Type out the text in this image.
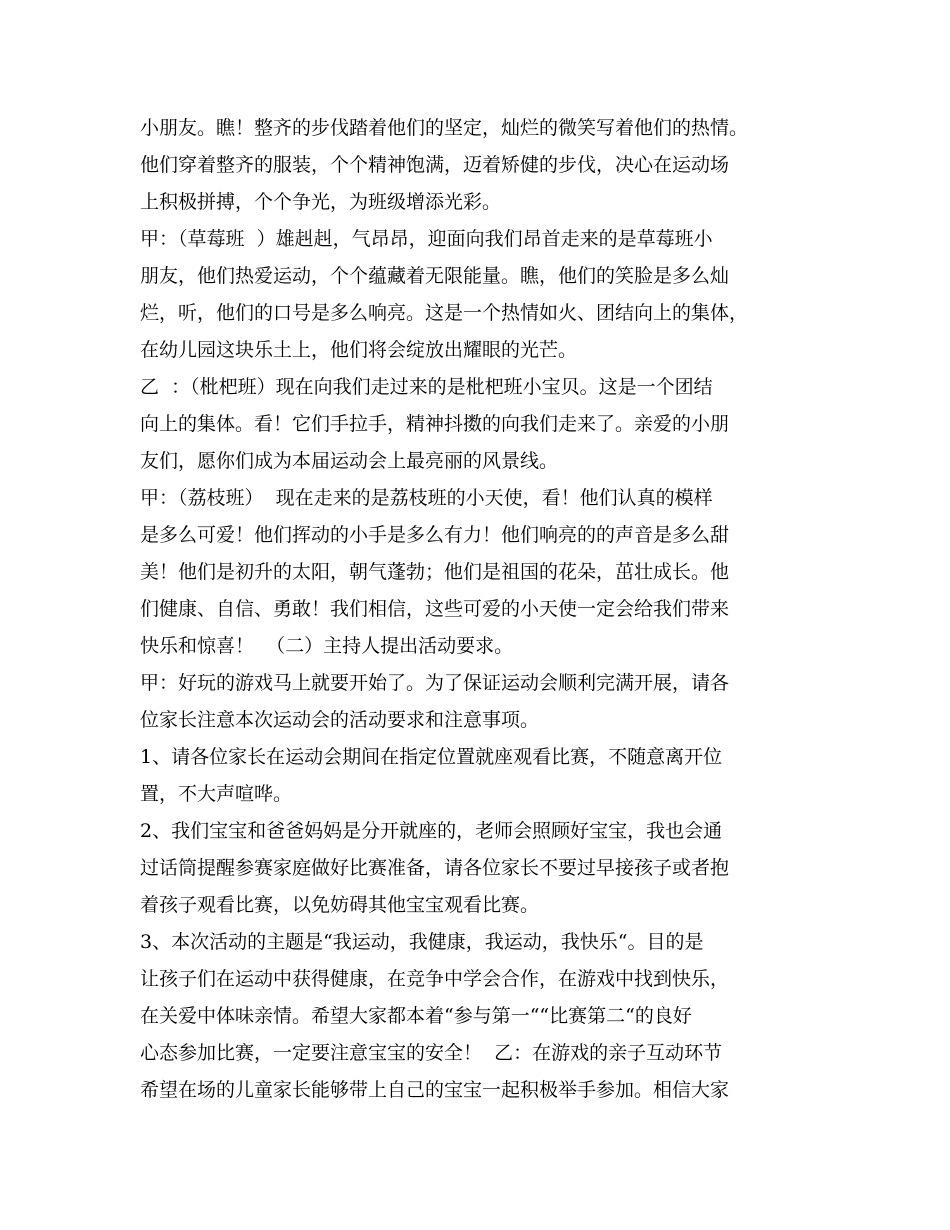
小朋友。瞧！整齐的步伐踏着他们的坚定，灿烂的微笑写着他们的热情。
他们穿着整齐的服装，个个精神饱满，迈着矫健的步伐，决心在运动场
上积极拼搏，个个争光，为班级增添光彩。
甲：（草莓班  ）雄赳赳，气昂昂，迎面向我们昂首走来的是草莓班小
朋友，他们热爱运动，个个蕴藏着无限能量。瞧，他们的笑脸是多么灿
烂，听，他们的口号是多么响亮。这是一个热情如火、团结向上的集体，
在幼儿园这块乐土上，他们将会绽放出耀眼的光芒。
乙  ：（枇杷班）现在向我们走过来的是枇杷班小宝贝。这是一个团结
向上的集体。看！它们手拉手，精神抖擞的向我们走来了。亲爱的小朋
友们，愿你们成为本届运动会上最亮丽的风景线。
甲：（荔枝班）  现在走来的是荔枝班的小天使，看！他们认真的模样
是多么可爱！他们挥动的小手是多么有力！他们响亮的的声音是多么甜
美！他们是初升的太阳，朝气蓬勃；他们是祖国的花朵，茁壮成长。他
们健康、自信、勇敢！我们相信，这些可爱的小天使一定会给我们带来
快乐和惊喜！  （二）主持人提出活动要求。
甲：好玩的游戏马上就要开始了。为了保证运动会顺利完满开展，请各
位家长注意本次运动会的活动要求和注意事项。
1、请各位家长在运动会期间在指定位置就座观看比赛，不随意离开位
置，不大声喧哗。
2、我们宝宝和爸爸妈妈是分开就座的，老师会照顾好宝宝，我也会通
过话筒提醒参赛家庭做好比赛准备，请各位家长不要过早接孩子或者抱
着孩子观看比赛，以免妨碍其他宝宝观看比赛。
3、本次活动的主题是“我运动，我健康，我运动，我快乐“。目的是
让孩子们在运动中获得健康，在竞争中学会合作，在游戏中找到快乐，
在关爱中体味亲情。希望大家都本着“参与第一““比赛第二“的良好
心态参加比赛，一定要注意宝宝的安全！  乙：在游戏的亲子互动环节
希望在场的儿童家长能够带上自己的宝宝一起积极举手参加。相信大家
